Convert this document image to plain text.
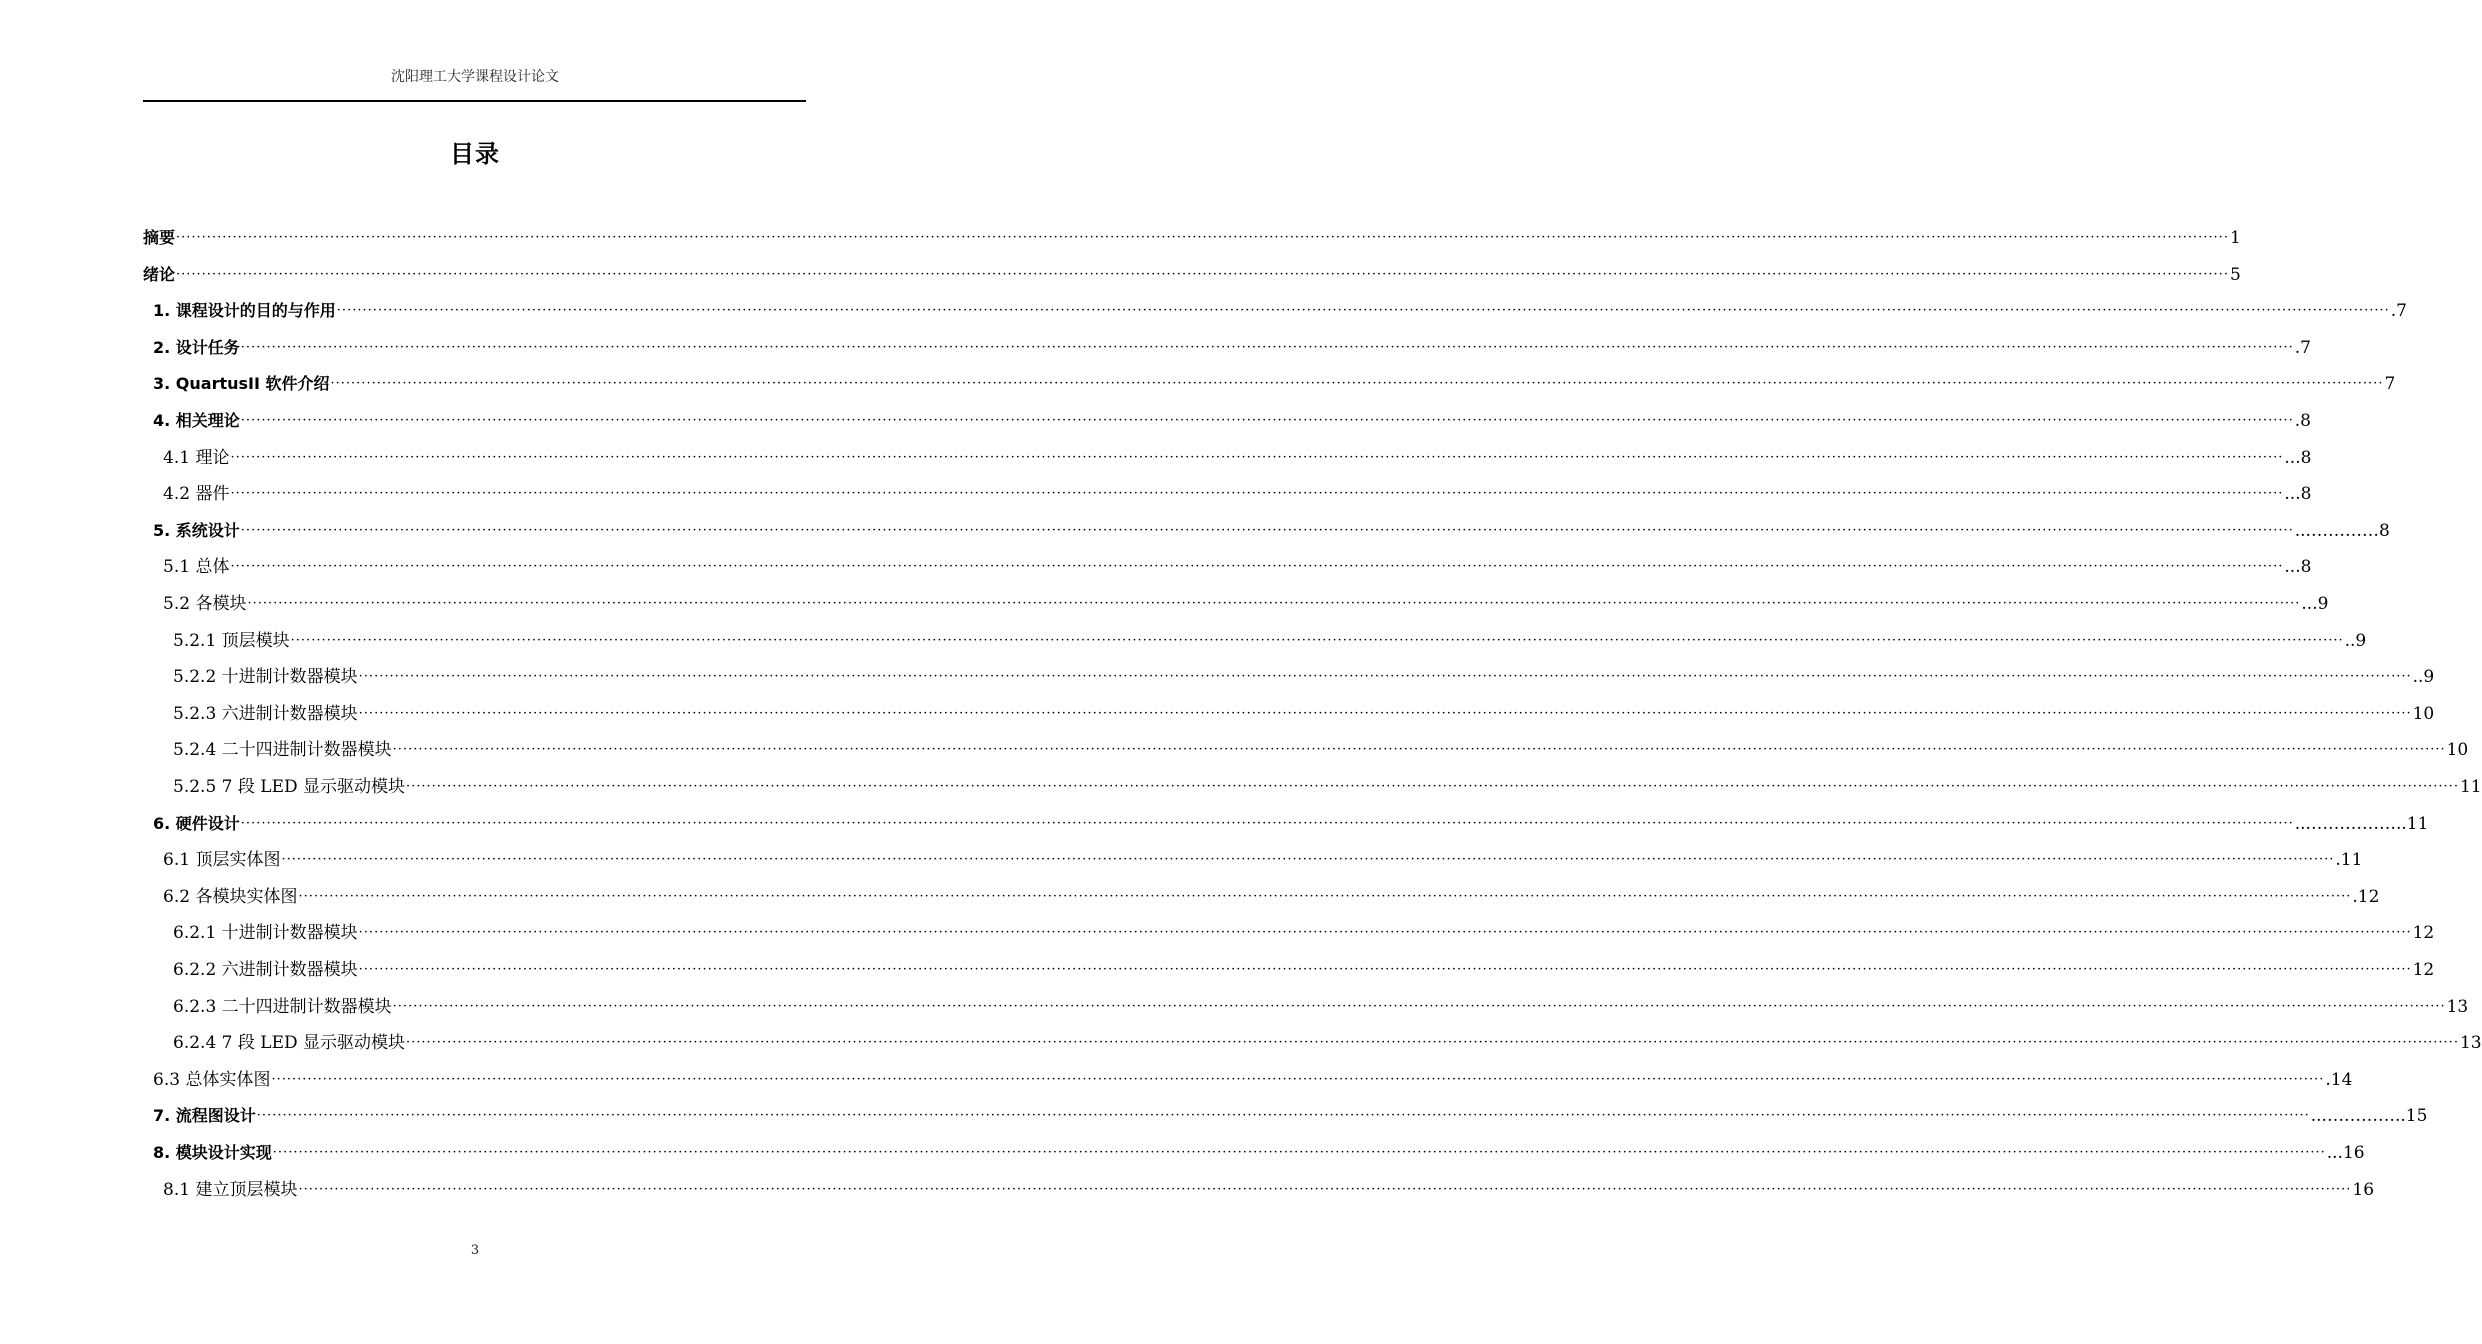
沈阳理工大学课程设计论文
目录
摘要 ················································································································································································································································································································································································································ 1
绪论 ················································································································································································································································································································································································································ 5
1. 课程设计的目的与作用 ················································································································································································································································································································································································································ .7
2. 设计任务 ················································································································································································································································································································································································································ .7
3. QuartusII 软件介绍 ················································································································································································································································································································································································································ 7
4. 相关理论 ················································································································································································································································································································································································································ .8
4.1 理论 ················································································································································································································································································································································································································ ...8
4.2 器件 ················································································································································································································································································································································································································ ...8
5. 系统设计 ················································································································································································································································································································································································································ ...…………8
5.1 总体 ················································································································································································································································································································································································································ ...8
5.2 各模块 ················································································································································································································································································································································································································ ...9
5.2.1 顶层模块 ················································································································································································································································································································································································································ ..9
5.2.2 十进制计数器模块 ················································································································································································································································································································································································································ ..9
5.2.3 六进制计数器模块 ················································································································································································································································································································································································································ 10
5.2.4 二十四进制计数器模块 ················································································································································································································································································································································································································ 10
5.2.5 7 段 LED 显示驱动模块 ················································································································································································································································································································································································································ 11
6. 硬件设计 ················································································································································································································································································································································································································ ...……………..11
6.1 顶层实体图 ················································································································································································································································································································································································································ .11
6.2 各模块实体图 ················································································································································································································································································································································································································ .12
6.2.1 十进制计数器模块 ················································································································································································································································································································································································································ 12
6.2.2 六进制计数器模块 ················································································································································································································································································································································································································ 12
6.2.3 二十四进制计数器模块 ················································································································································································································································································································································································································ 13
6.2.4 7 段 LED 显示驱动模块 ················································································································································································································································································································································································································ 13
6.3 总体实体图 ················································································································································································································································································································································································································ .14
7. 流程图设计 ················································································································································································································································································································································································································ ...…………..15
8. 模块设计实现 ················································································································································································································································································································································································································ ...16
8.1 建立顶层模块 ················································································································································································································································································································································································································ 16
3
